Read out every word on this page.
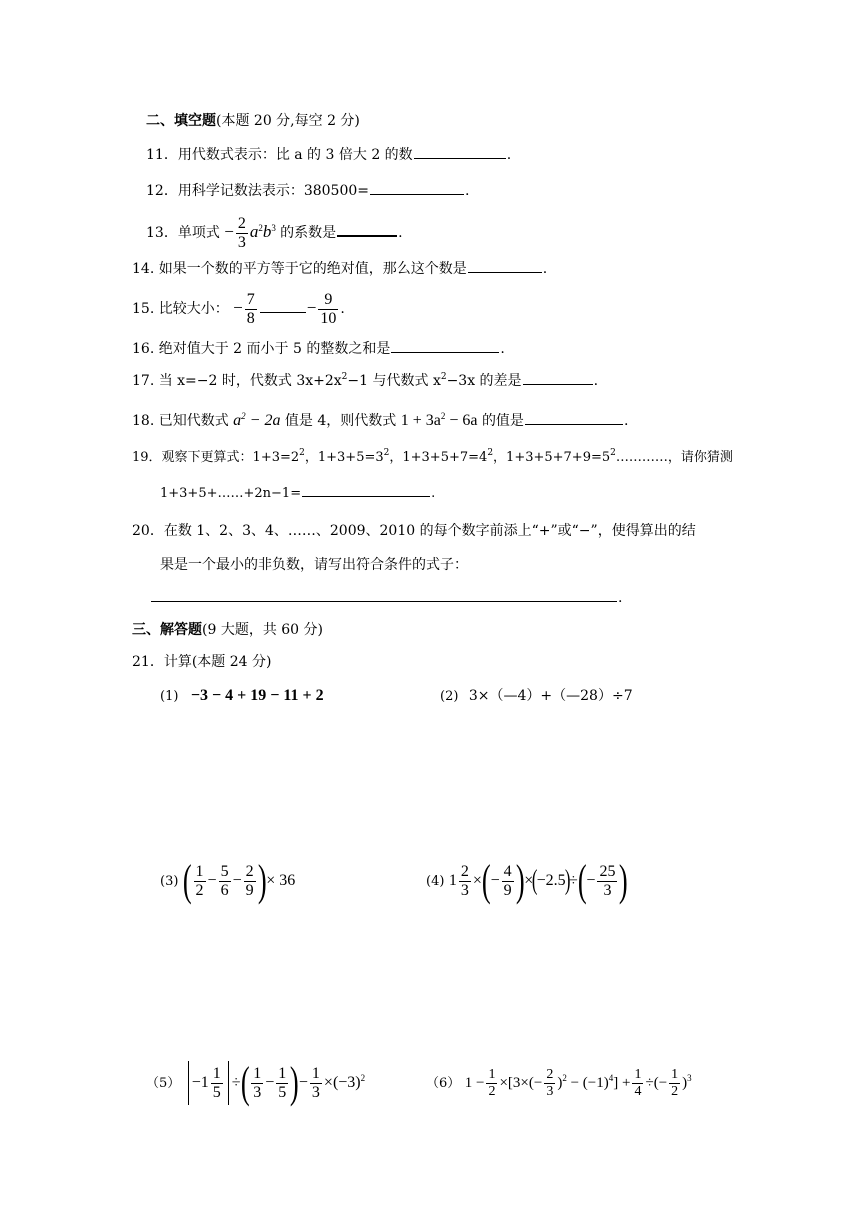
二、填空题(本题 20 分,每空 2 分)
11．用代数式表示：比 a 的 3 倍大 2 的数	.
12．用科学记数法表示：380500=	.
13．单项式 − $\frac{2}{3} a^2b^3$ 的系数是	.
14. 如果一个数的平方等于它的绝对值，那么这个数是	.
15. 比较大小： − $\frac{7}{8}$	− $\frac{9}{10}$ .
16. 绝对值大于 2 而小于 5 的整数之和是	.
17. 当 x=−2 时，代数式 $3x+2x^2-1$ 与代数式 $x^2-3x$ 的差是	.
18. 已知代数式 $a^2 - 2a$ 值是 4，则代数式 $1 + 3a^2 - 6a$ 的值是	.
19．观察下更算式：$1+3=2^2$，$1+3+5=3^2$，$1+3+5+7=4^2$，$1+3+5+7+9=5^2\dots\dots\dots\dots$，请你猜测
1+3+5+……+2n−1=	.
20．在数 1、2、3、4、……、2009、2010 的每个数字前添上“+”或“−”，使得算出的结
果是一个最小的非负数，请写出符合条件的式子：
.
三、解答题(9 大题，共 60 分)
21．计算(本题 24 分)
(1) −3 − 4 + 19 − 11 + 2	(2) 3×（—4）+（—28）÷7
(3) ( $\frac{1}{2} - \frac{5}{6} - \frac{2}{9}$ )× 36	(4) $1 \frac{2}{3}$ ×(− $\frac{4}{9} )\times(-2.5)\div(- \frac{25}{3}$ )
$(5) -1 \frac{1}{5}$ ÷( $\frac{1}{3} - \frac{1}{5}$ )− $\frac{1}{3} \times(-3)^2$	（6） $1 - \frac{1}{2} \times[3\times(- \frac{2}{3} )^2 - (-1)^4] + \frac{1}{4}$ ÷(− $\frac{1}{2} )^3$
